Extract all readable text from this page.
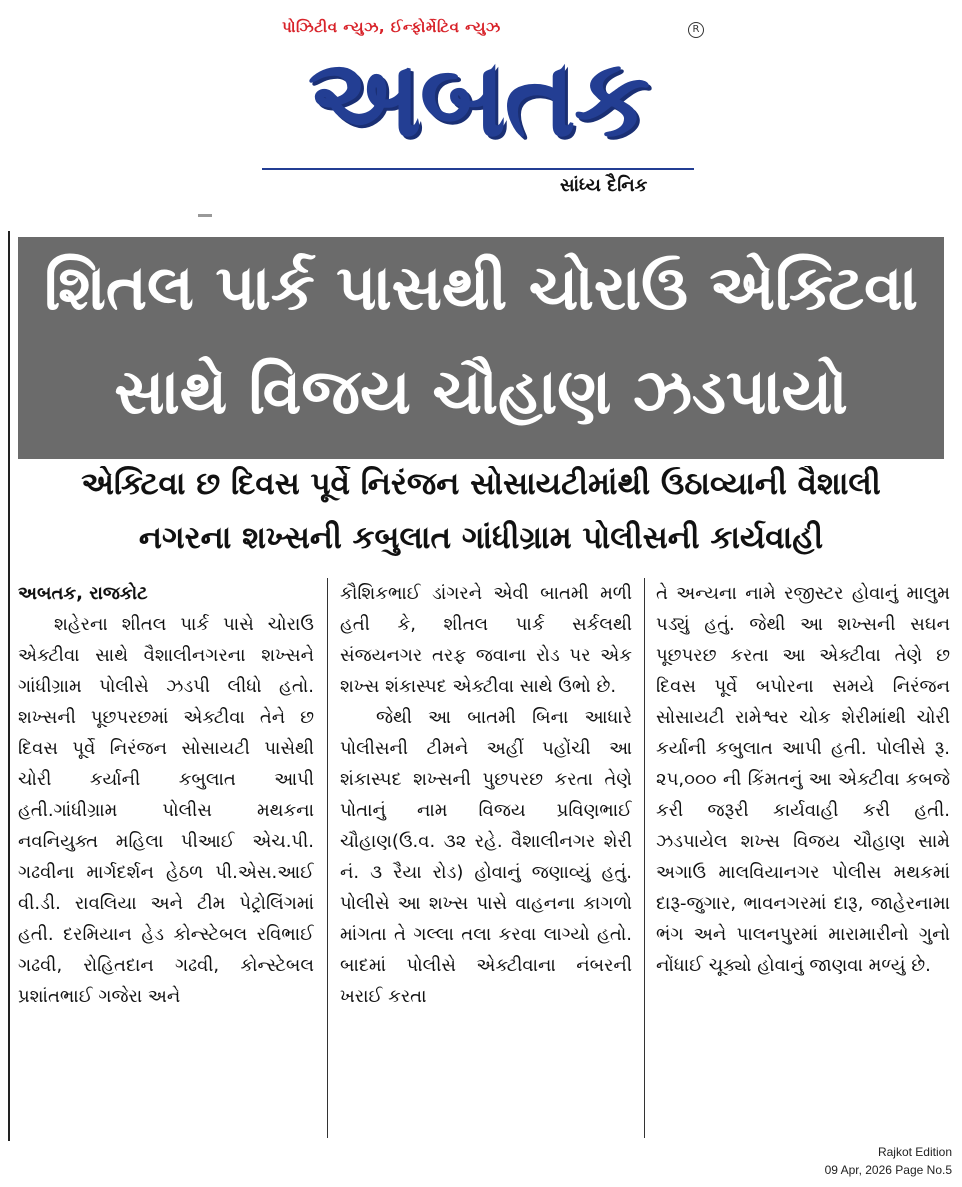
પોઝિટીવ ન્યુઝ, ઈન્ફોર્મેટિવ ન્યુઝ	R
અબતક
સાંધ્ય દૈનિક
શિતલ પાર્ક પાસથી ચોરાઉ એક્ટિવા
સાથે વિજય ચૌહાણ ઝડપાયો
એક્ટિવા છ દિવસ પૂર્વે નિરંજન સોસાયટીમાંથી ઉઠાવ્યાની વૈશાલી
નગરના શખ્સની કબુલાત ગાંધીગ્રામ પોલીસની કાર્યવાહી

અબતક, રાજકોટ

શહેરના શીતલ પાર્ક પાસે ચોરાઉ એક્ટીવા સાથે વૈશાલીનગરના શખ્સને ગાંધીગ્રામ પોલીસે ઝડપી લીધો હતો. શખ્સની પૂછપરછમાં એક્ટીવા તેને છ દિવસ પૂર્વે નિરંજન સોસાયટી પાસેથી ચોરી કર્યાની કબુલાત આપી હતી.ગાંધીગ્રામ પોલીસ મથકના નવનિયુક્ત મહિલા પીઆઈ એચ.પી. ગઢવીના માર્ગદર્શન હેઠળ પી.એસ.આઈ વી.ડી. રાવલિયા અને ટીમ પેટ્રોલિંગમાં હતી. દરમિયાન હેડ કોન્સ્ટેબલ રવિભાઈ ગઢવી, રોહિતદાન ગઢવી, કોન્સ્ટેબલ પ્રશાંતભાઈ ગજેરા અને

કૌશિકભાઈ ડાંગરને એવી બાતમી મળી હતી કે, શીતલ પાર્ક સર્કલથી સંજયનગર તરફ જવાના રોડ પર એક શખ્સ શંકાસ્પદ એક્ટીવા સાથે ઉભો છે.

જેથી આ બાતમી બિના આધારે પોલીસની ટીમને અહીં પહોંચી આ શંકાસ્પદ શખ્સની પુછપરછ કરતા તેણે પોતાનું નામ વિજય પ્રવિણભાઈ ચૌહાણ(ઉ.વ. ૩૨ રહે. વૈશાલીનગર શેરી નં. ૩ રૈયા રોડ) હોવાનું જણાવ્યું હતું. પોલીસે આ શખ્સ પાસે વાહનના કાગળો માંગતા તે ગલ્લા તલા કરવા લાગ્યો હતો. બાદમાં પોલીસે એક્ટીવાના નંબરની ખરાઈ કરતા

તે અન્યના નામે રજીસ્ટર હોવાનું માલુમ પડ્યું હતું. જેથી આ શખ્સની સઘન પૂછપરછ કરતા આ એક્ટીવા તેણે છ દિવસ પૂર્વે બપોરના સમયે નિરંજન સોસાયટી રામેશ્વર ચોક શેરીમાંથી ચોરી કર્યાની કબુલાત આપી હતી. પોલીસે રૂ. ૨૫,૦૦૦ ની કિંમતનું આ એક્ટીવા કબજે કરી જરૂરી કાર્યવાહી કરી હતી. ઝડપાયેલ શખ્સ વિજય ચૌહાણ સામે અગાઉ માલવિયાનગર પોલીસ મથકમાં દારૂ-જુગાર, ભાવનગરમાં દારૂ, જાહેરનામા ભંગ અને પાલનપુરમાં મારામારીનો ગુનો નોંધાઈ ચૂક્યો હોવાનું જાણવા મળ્યું છે.

Rajkot Edition
09 Apr, 2026 Page No.5
